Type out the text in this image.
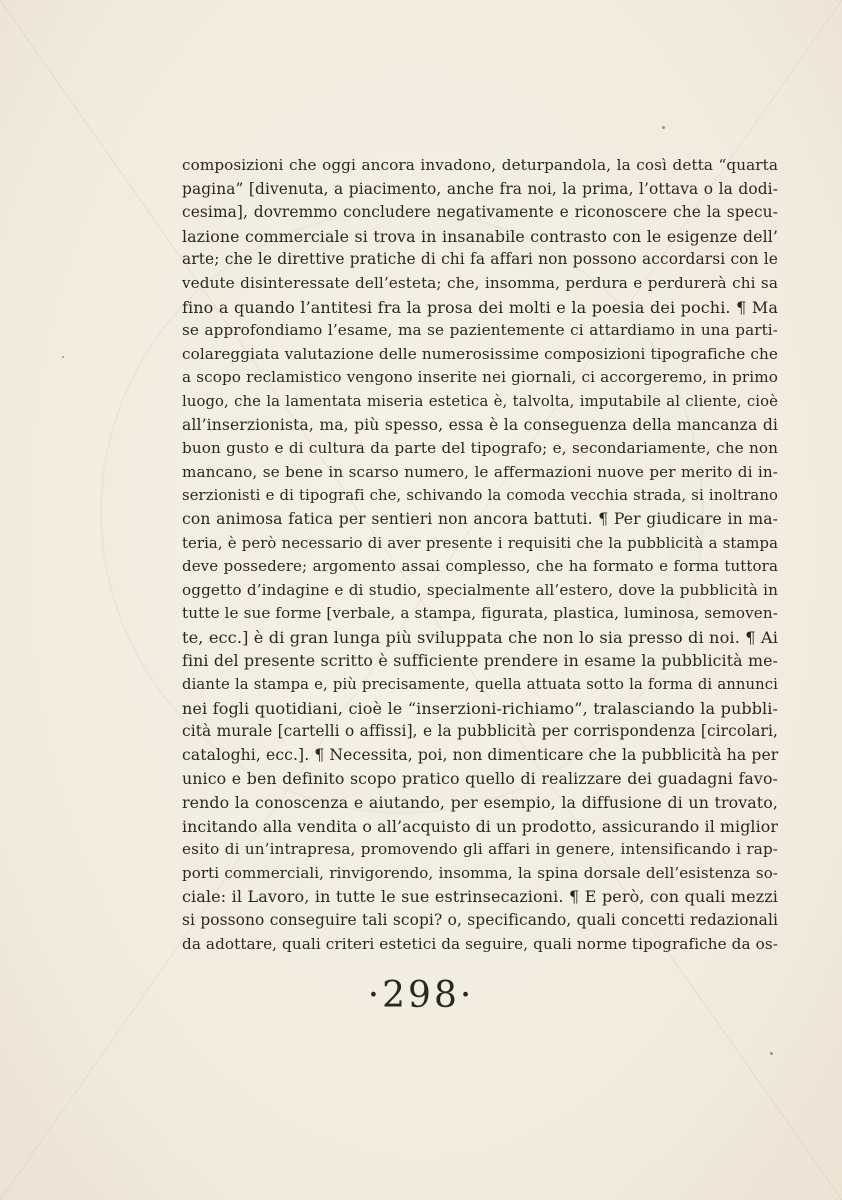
composizioni che oggi ancora invadono, deturpandola, la così detta “quarta
pagina” [divenuta, a piacimento, anche fra noi, la prima, l’ottava o la dodi-
cesima], dovremmo concludere negativamente e riconoscere che la specu-
lazione commerciale si trova in insanabile contrasto con le esigenze dell’
arte; che le direttive pratiche di chi fa affari non possono accordarsi con le
vedute disinteressate dell’esteta; che, insomma, perdura e perdurerà chi sa
fino a quando l’antitesi fra la prosa dei molti e la poesia dei pochi. ¶ Ma
se approfondiamo l’esame, ma se pazientemente ci attardiamo in una parti-
colareggiata valutazione delle numerosissime composizioni tipografiche che
a scopo reclamistico vengono inserite nei giornali, ci accorgeremo, in primo
luogo, che la lamentata miseria estetica è, talvolta, imputabile al cliente, cioè
all’inserzionista, ma, più spesso, essa è la conseguenza della mancanza di
buon gusto e di cultura da parte del tipografo; e, secondariamente, che non
mancano, se bene in scarso numero, le affermazioni nuove per merito di in-
serzionisti e di tipografi che, schivando la comoda vecchia strada, si inoltrano
con animosa fatica per sentieri non ancora battuti. ¶ Per giudicare in ma-
teria, è però necessario di aver presente i requisiti che la pubblicità a stampa
deve possedere; argomento assai complesso, che ha formato e forma tuttora
oggetto d’indagine e di studio, specialmente all’estero, dove la pubblicità in
tutte le sue forme [verbale, a stampa, figurata, plastica, luminosa, semoven-
te, ecc.] è di gran lunga più sviluppata che non lo sia presso di noi. ¶ Ai
fini del presente scritto è sufficiente prendere in esame la pubblicità me-
diante la stampa e, più precisamente, quella attuata sotto la forma di annunci
nei fogli quotidiani, cioè le “inserzioni-richiamo”, tralasciando la pubbli-
cità murale [cartelli o affissi], e la pubblicità per corrispondenza [circolari,
cataloghi, ecc.]. ¶ Necessita, poi, non dimenticare che la pubblicità ha per
unico e ben definito scopo pratico quello di realizzare dei guadagni favo-
rendo la conoscenza e aiutando, per esempio, la diffusione di un trovato,
incitando alla vendita o all’acquisto di un prodotto, assicurando il miglior
esito di un’intrapresa, promovendo gli affari in genere, intensificando i rap-
porti commerciali, rinvigorendo, insomma, la spina dorsale dell’esistenza so-
ciale: il Lavoro, in tutte le sue estrinsecazioni. ¶ E però, con quali mezzi
si possono conseguire tali scopi? o, specificando, quali concetti redazionali
da adottare, quali criteri estetici da seguire, quali norme tipografiche da os-
·298·
